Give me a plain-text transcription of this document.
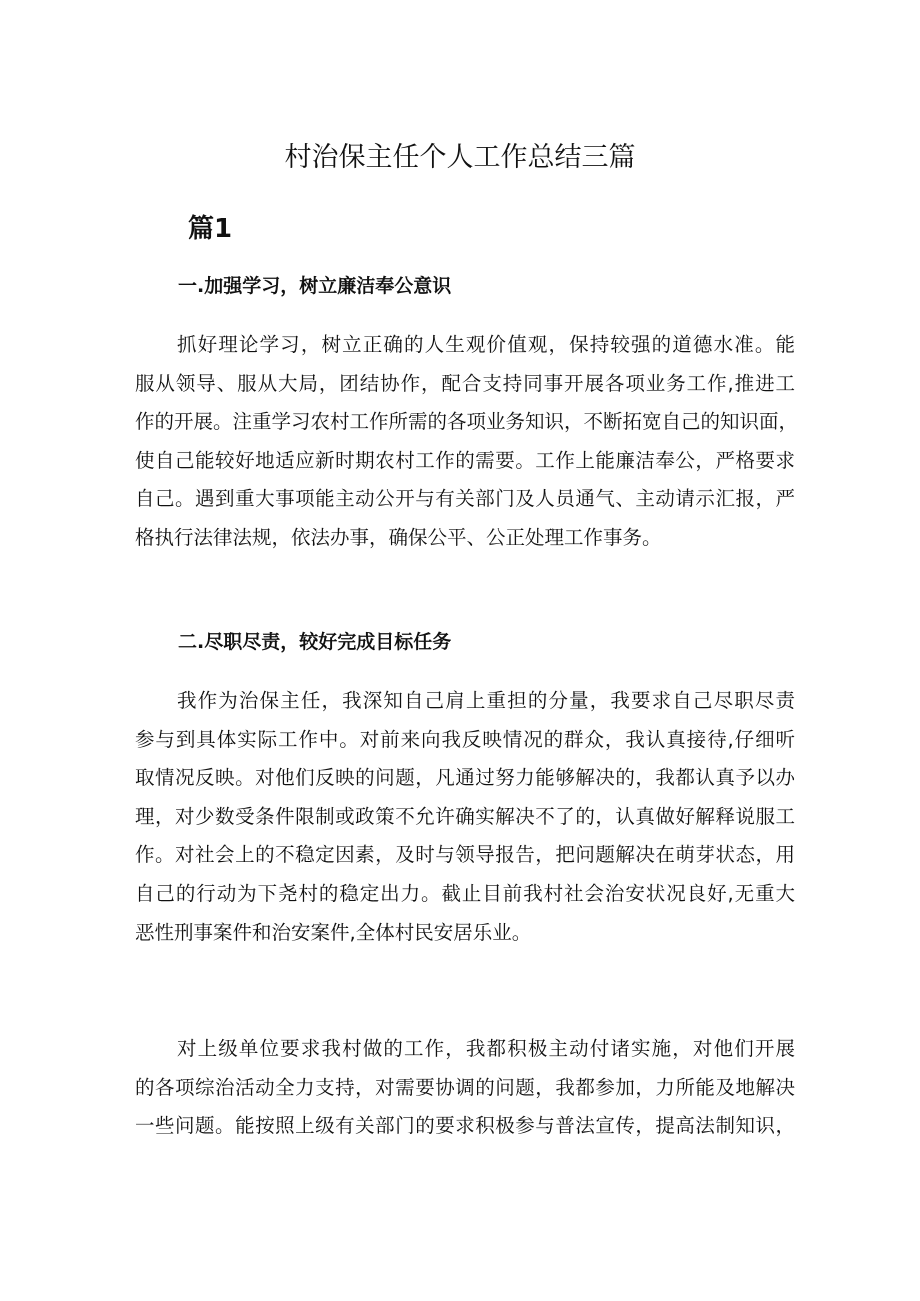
村治保主任个人工作总结三篇
篇1
一.加强学习，树立廉洁奉公意识

抓好理论学习，树立正确的人生观价值观，保持较强的道德水准。能
服从领导、服从大局，团结协作，配合支持同事开展各项业务工作,推进工
作的开展。注重学习农村工作所需的各项业务知识，不断拓宽自己的知识面，
使自己能较好地适应新时期农村工作的需要。工作上能廉洁奉公，严格要求
自己。遇到重大事项能主动公开与有关部门及人员通气、主动请示汇报，严
格执行法律法规，依法办事，确保公平、公正处理工作事务。

二.尽职尽责，较好完成目标任务

我作为治保主任，我深知自己肩上重担的分量，我要求自己尽职尽责
参与到具体实际工作中。对前来向我反映情况的群众，我认真接待,仔细听
取情况反映。对他们反映的问题，凡通过努力能够解决的，我都认真予以办
理，对少数受条件限制或政策不允许确实解决不了的，认真做好解释说服工
作。对社会上的不稳定因素，及时与领导报告，把问题解决在萌芽状态，用
自己的行动为下尧村的稳定出力。截止目前我村社会治安状况良好,无重大
恶性刑事案件和治安案件,全体村民安居乐业。

对上级单位要求我村做的工作，我都积极主动付诸实施，对他们开展
的各项综治活动全力支持，对需要协调的问题，我都参加，力所能及地解决
一些问题。能按照上级有关部门的要求积极参与普法宣传，提高法制知识，
